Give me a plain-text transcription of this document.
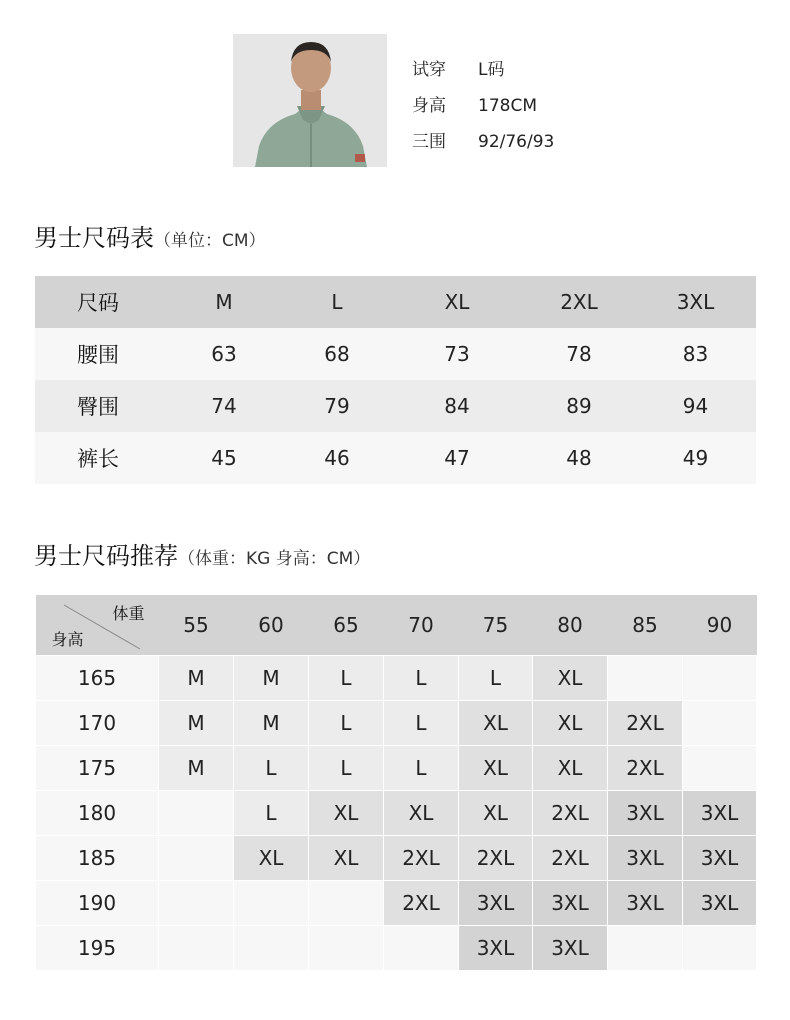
试穿	L码
身高	178CM
三围	92/76/93
男士尺码表（单位：CM）
尺码	M	L	XL	2XL	3XL
腰围	63	68	73	78	83
臀围	74	79	84	89	94
裤长	45	46	47	48	49
男士尺码推荐（体重：KG 身高：CM）
体重
身高	55	60	65	70	75	80	85	90
165	M	M	L	L	L	XL		
170	M	M	L	L	XL	XL	2XL	
175	M	L	L	L	XL	XL	2XL	
180		L	XL	XL	XL	2XL	3XL	3XL
185		XL	XL	2XL	2XL	2XL	3XL	3XL
190				2XL	3XL	3XL	3XL	3XL
195					3XL	3XL		
